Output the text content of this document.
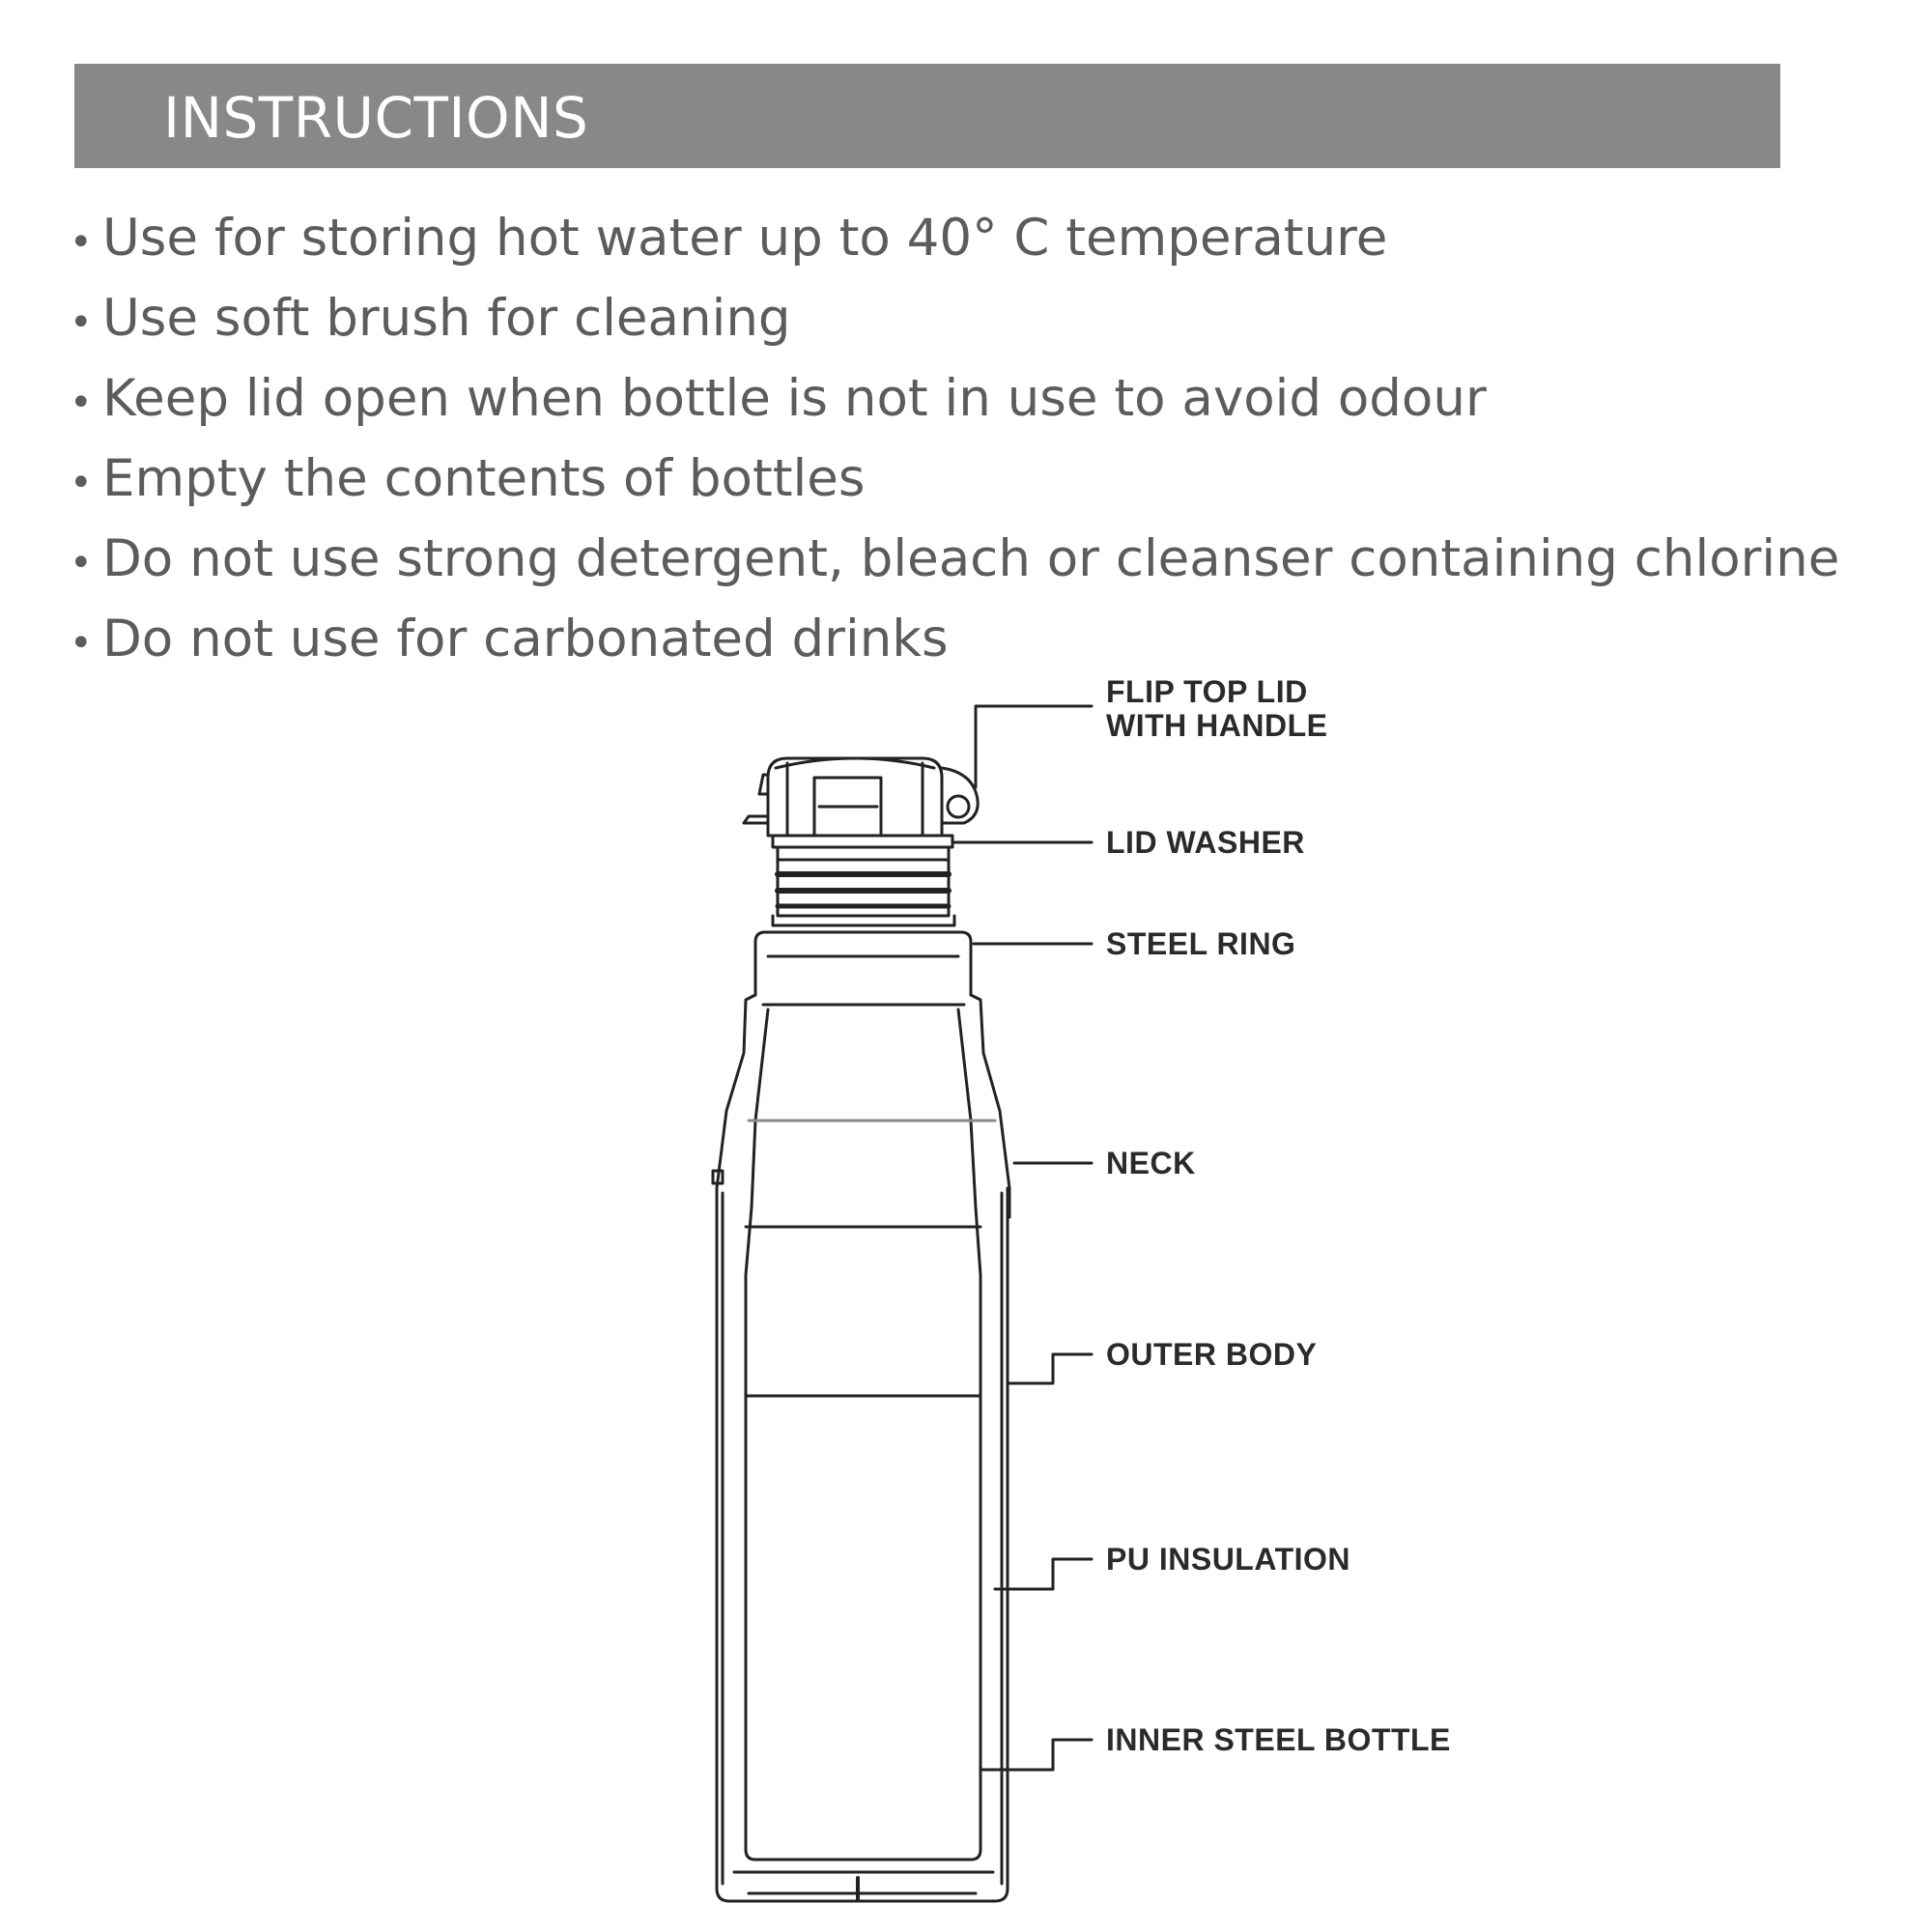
INSTRUCTIONS
• Use for storing hot water up to 40° C temperature
• Use soft brush for cleaning
• Keep lid open when bottle is not in use to avoid odour
• Empty the contents of bottles
• Do not use strong detergent, bleach or cleanser containing chlorine
• Do not use for carbonated drinks
FLIP TOP LID
WITH HANDLE
LID WASHER
STEEL RING
NECK
OUTER BODY
PU INSULATION
INNER STEEL BOTTLE
